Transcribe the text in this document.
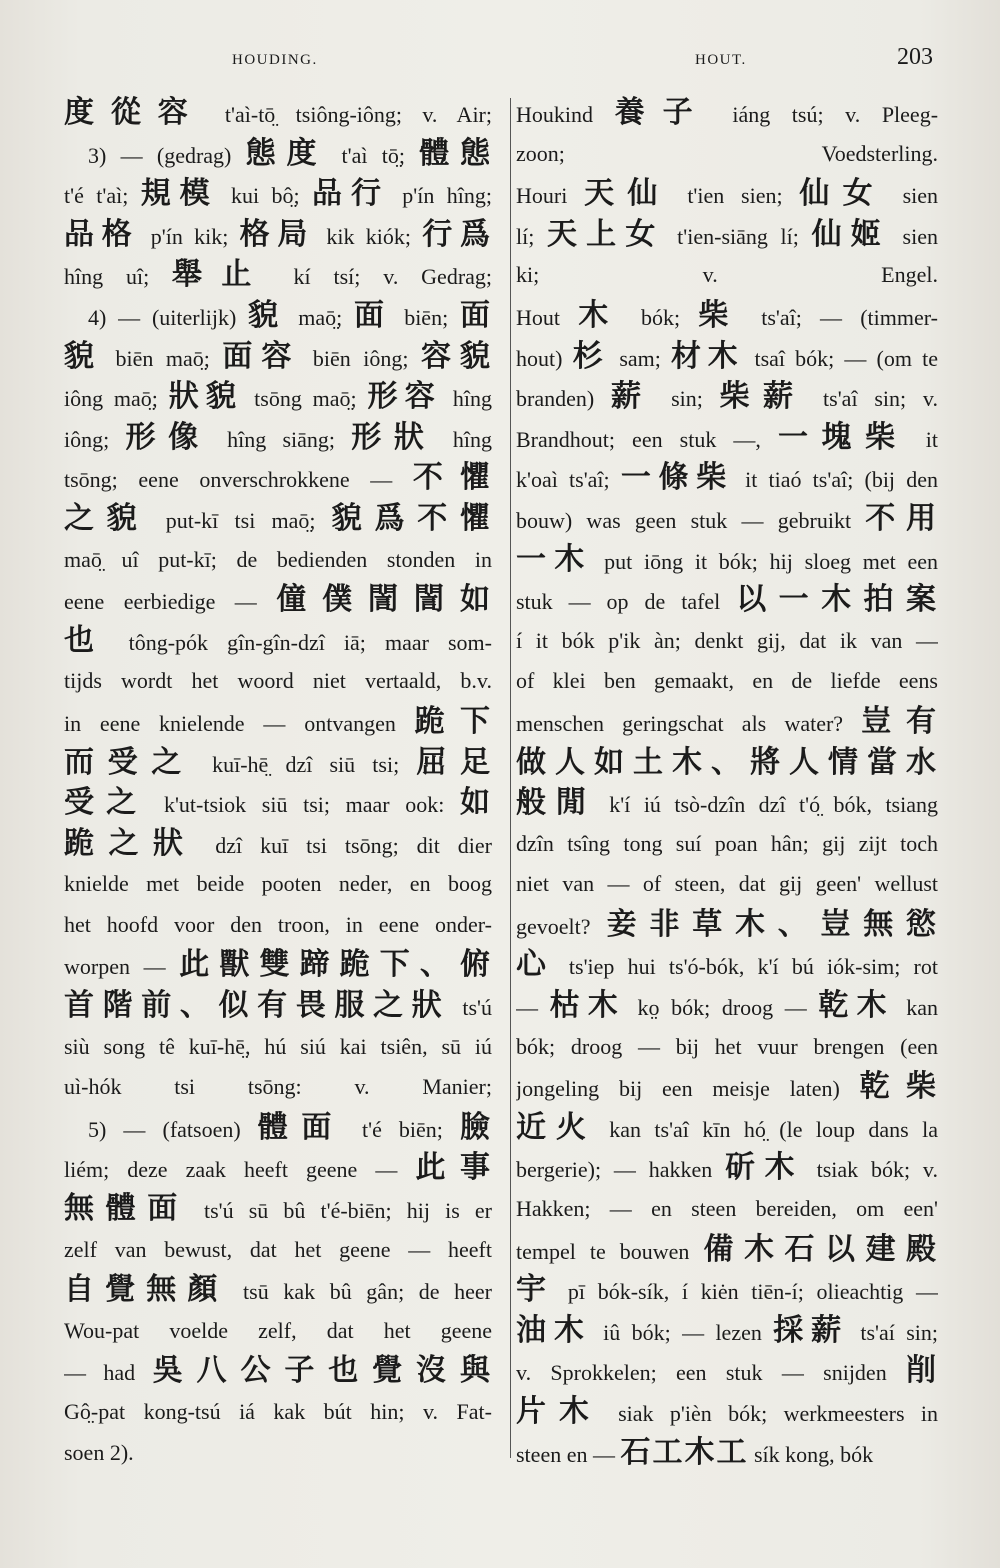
HOUDING.	HOUT.	203
度從容 t'aì-tō̤ tsiông-iông; v. Air;
3) — (gedrag) 態度 t'aì tō̤; 體態
t'é t'aì; 規模 kui bô̤; 品行 p'ín hîng;
品格 p'ín kik; 格局 kik kiók; 行爲
hîng uî; 舉止 kí tsí; v. Gedrag;
4) — (uiterlijk) 貌 maō̤; 面 biēn; 面
貌 biēn maō̤; 面容 biēn iông; 容貌
iông maō̤; 狀貌 tsōng maō̤; 形容 hîng
iông; 形像 hîng siāng; 形狀 hîng
tsōng; eene onverschrokkene — 不懼
之貌 put-kī tsi maō̤; 貌爲不懼
maō̤ uî put-kī; de bedienden stonden in
eene eerbiedige — 僮僕誾誾如
也 tông-pók gîn-gîn-dzî iā; maar som-
tijds wordt het woord niet vertaald, b.v.
in eene knielende — ontvangen 跪下
而受之 kuī-hē̤ dzî siū tsi; 屈足
受之 k'ut-tsiok siū tsi; maar ook: 如
跪之狀 dzî kuī tsi tsōng; dit dier
knielde met beide pooten neder, en boog
het hoofd voor den troon, in eene onder-
worpen — 此獸雙蹄跪下、俯
首階前、似有畏服之狀 ts'ú
siù song tê kuī-hē̤, hú siú kai tsiên, sū iú
uì-hók tsi tsōng: v. Manier;
5) — (fatsoen) 體面 t'é biēn; 臉
liém; deze zaak heeft geene — 此事
無體面 ts'ú sū bû t'é-biēn; hij is er
zelf van bewust, dat het geene — heeft
自覺無顏 tsū kak bû gân; de heer
Wou-pat voelde zelf, dat het geene
— had 吳八公子也覺沒與
Gô̤-pat kong-tsú iá kak bút hin; v. Fat-
soen 2).
Houkind 養子 iáng tsú; v. Pleeg-
zoon; Voedsterling.
Houri 天仙 t'ien sien; 仙女 sien
lí; 天上女 t'ien-siāng lí; 仙姬 sien
ki; v. Engel.
Hout 木 bók; 柴 ts'aî; — (timmer-
hout) 杉 sam; 材木 tsaî bók; — (om te
branden) 薪 sin; 柴薪 ts'aî sin; v.
Brandhout; een stuk —, 一塊柴 it
k'oaì ts'aî; 一條柴 it tiaó ts'aî; (bij den
bouw) was geen stuk — gebruikt 不用
一木 put iōng it bók; hij sloeg met een
stuk — op de tafel 以一木拍案
í it bók p'ik àn; denkt gij, dat ik van —
of klei ben gemaakt, en de liefde eens
menschen geringschat als water? 豈有
做人如土木、將人情當水
般閒 k'í iú tsò-dzîn dzî t'ó̤ bók, tsiang
dzîn tsîng tong suí poan hân; gij zijt toch
niet van — of steen, dat gij geen' wellust
gevoelt? 妾非草木、豈無慾
心 ts'iep hui ts'ó-bók, k'í bú iók-sim; rot
— 枯木 ko̤ bók; droog — 乾木 kan
bók; droog — bij het vuur brengen (een
jongeling bij een meisje laten) 乾柴
近火 kan ts'aî kīn hó̤ (le loup dans la
bergerie); — hakken 斫木 tsiak bók; v.
Hakken; — en steen bereiden, om een'
tempel te bouwen 備木石以建殿
宇 pī bók-sík, í kiėn tiēn-í; olieachtig —
油木 iû bók; — lezen 採薪 ts'aí sin;
v. Sprokkelen; een stuk — snijden 削
片木 siak p'ièn bók; werkmeesters in
steen en — 石工木工 sík kong, bók
